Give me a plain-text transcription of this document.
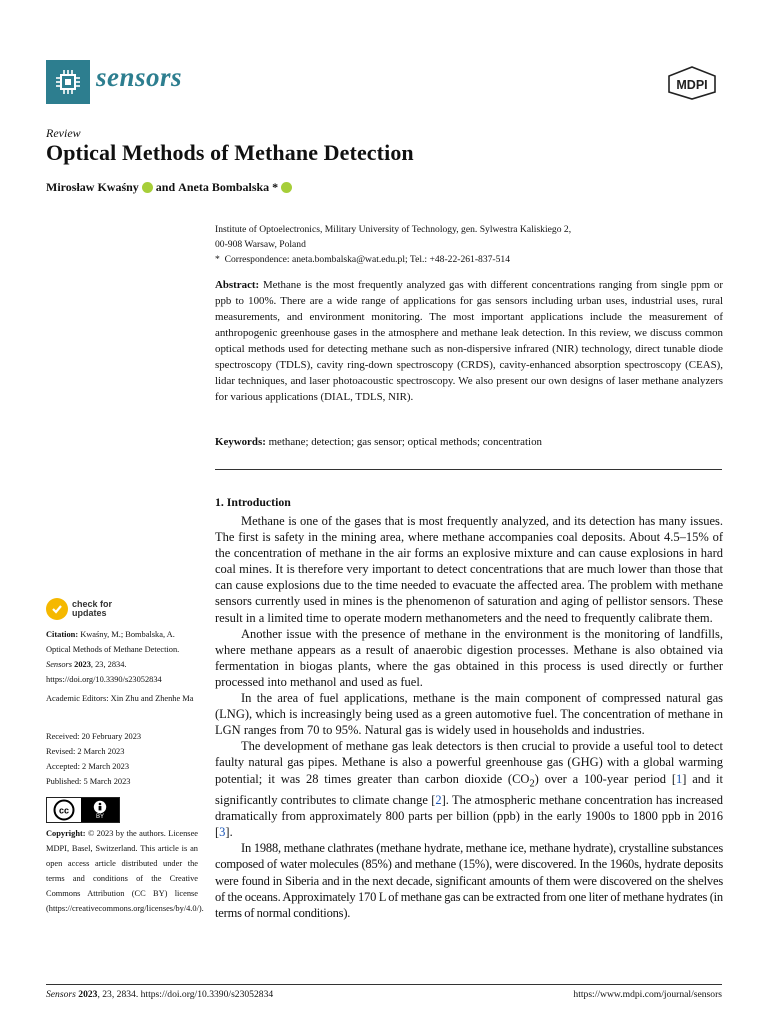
sensors	MDPI
Review
Optical Methods of Methane Detection
Mirosław Kwaśny and Aneta Bombalska *
Institute of Optoelectronics, Military University of Technology, gen. Sylwestra Kaliskiego 2,
00-908 Warsaw, Poland
*  Correspondence: aneta.bombalska@wat.edu.pl; Tel.: +48-22-261-837-514
Abstract: Methane is the most frequently analyzed gas with different concentrations ranging from single ppm or ppb to 100%. There are a wide range of applications for gas sensors including urban uses, industrial uses, rural measurements, and environment monitoring. The most important applications include the measurement of anthropogenic greenhouse gases in the atmosphere and methane leak detection. In this review, we discuss common optical methods used for detecting methane such as non-dispersive infrared (NIR) technology, direct tunable diode spectroscopy (TDLS), cavity ring-down spectroscopy (CRDS), cavity-enhanced absorption spectroscopy (CEAS), lidar techniques, and laser photoacoustic spectroscopy. We also present our own designs of laser methane analyzers for various applications (DIAL, TDLS, NIR).
Keywords: methane; detection; gas sensor; optical methods; concentration
1. Introduction

Methane is one of the gases that is most frequently analyzed, and its detection has many issues. The first is safety in the mining area, where methane accompanies coal deposits. About 4.5–15% of the concentration of methane in the air forms an explosive mixture and can cause explosions in hard coal mines. It is therefore very important to detect concentrations that are much lower than those that can cause explosions due to the time needed to evacuate the affected area. The problem with methane sensors currently used in mines is the phenomenon of saturation and aging of pellistor sensors. These result in a limited time to operate modern methanometers and the need to frequently calibrate them.

Another issue with the presence of methane in the environment is the monitoring of landfills, where methane appears as a result of anaerobic digestion processes. Methane is also obtained via fermentation in biogas plants, where the gas obtained in this process is used directly or further processed into methanol and used as fuel.

In the area of fuel applications, methane is the main component of compressed natural gas (LNG), which is increasingly being used as a green automotive fuel. The concentration of methane in LGN ranges from 70 to 95%. Natural gas is widely used in households and industries.

The development of methane gas leak detectors is then crucial to provide a useful tool to detect faulty natural gas pipes. Methane is also a powerful greenhouse gas (GHG) with a global warming potential; it was 28 times greater than carbon dioxide $(CO_2)$ over a 100-year period [1] and it significantly contributes to climate change [2]. The atmospheric methane concentration has increased dramatically from approximately 800 parts per billion (ppb) in the early 1900s to 1800 ppb in 2016 [3].

In 1988, methane clathrates (methane hydrate, methane ice, methane hydrate), crystalline substances composed of water molecules (85%) and methane (15%), were discovered. In the 1960s, hydrate deposits were found in Siberia and in the next decade, significant amounts of them were discovered on the shelves of the oceans. Approximately 170 L of methane gas can be extracted from one liter of methane hydrates (in terms of normal conditions).

check for
updates
Citation: Kwaśny, M.; Bombalska, A. Optical Methods of Methane Detection. Sensors 2023, 23, 2834. https://doi.org/10.3390/s23052834
Academic Editors: Xin Zhu and Zhenhe Ma
Received: 20 February 2023
Revised: 2 March 2023
Accepted: 2 March 2023
Published: 5 March 2023
cc
BY
Copyright: © 2023 by the authors. Licensee MDPI, Basel, Switzerland. This article is an open access article distributed under the terms and conditions of the Creative Commons Attribution (CC BY) license (https://creativecommons.org/licenses/by/4.0/).
Sensors 2023, 23, 2834. https://doi.org/10.3390/s23052834	https://www.mdpi.com/journal/sensors
